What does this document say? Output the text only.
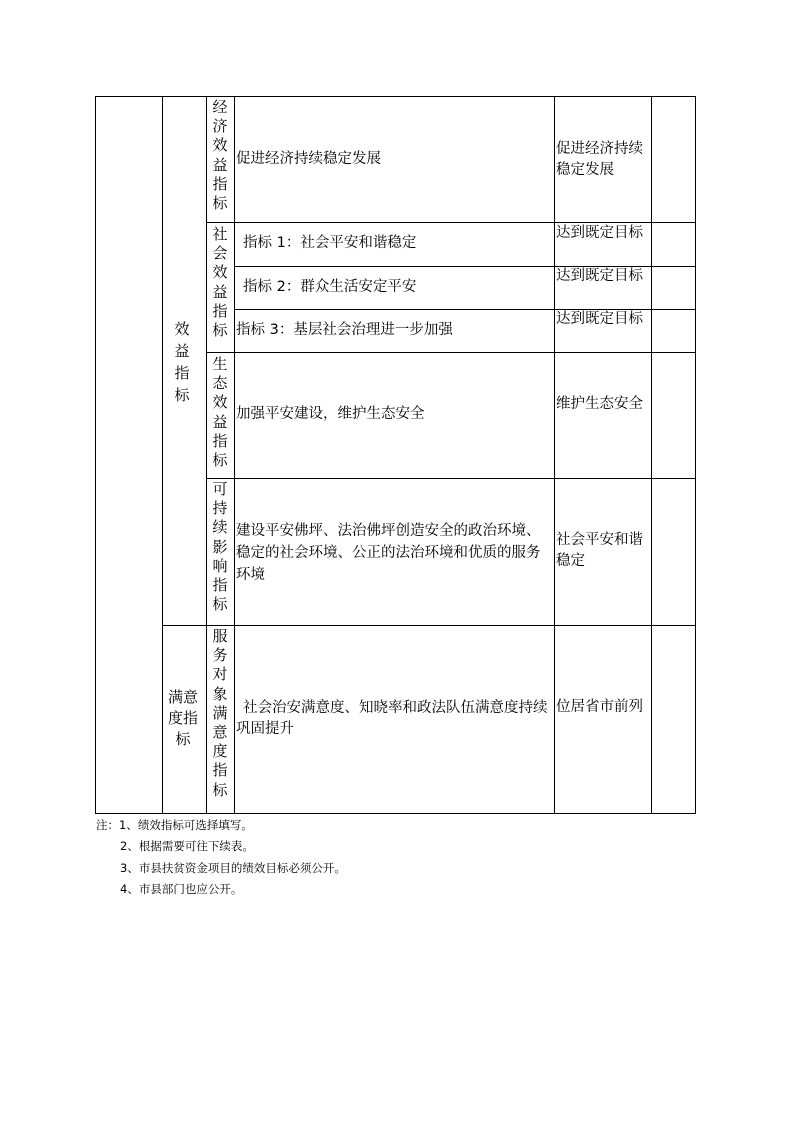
效益指标
满意度指标
经济效益指标
社会效益指标
生态效益指标
可持续影响指标
服务对象满意度指标
促进经济持续稳定发展
指标 1：社会平安和谐稳定
指标 2：群众生活安定平安
指标 3：基层社会治理进一步加强
加强平安建设，维护生态安全
建设平安佛坪、法治佛坪创造安全的政治环境、稳定的社会环境、公正的法治环境和优质的服务环境
社会治安满意度、知晓率和政法队伍满意度持续巩固提升
促进经济持续稳定发展
达到既定目标
达到既定目标
达到既定目标
维护生态安全
社会平安和谐稳定
位居省市前列
注：1、绩效指标可选择填写。
2、根据需要可往下续表。
3、市县扶贫资金项目的绩效目标必须公开。
4、市县部门也应公开。
